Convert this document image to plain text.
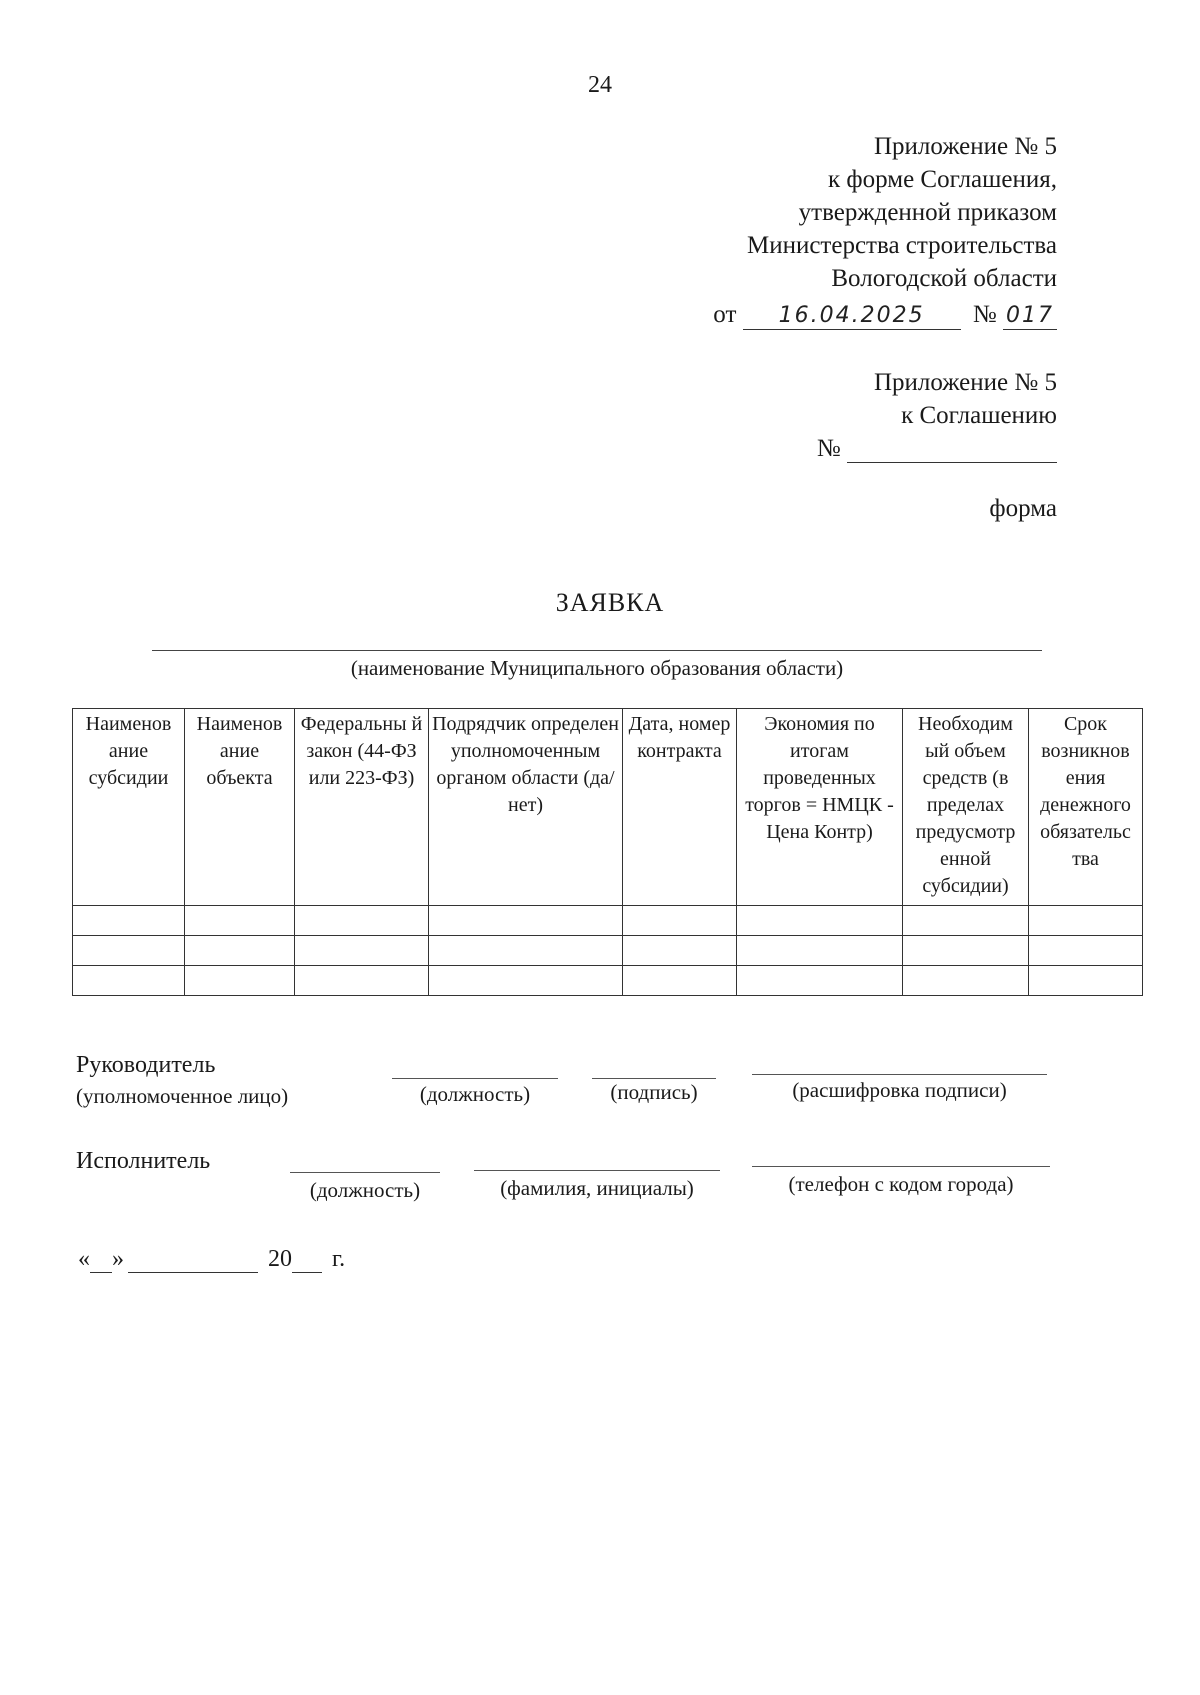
24
Приложение № 5
к форме Соглашения,
утвержденной приказом
Министерства строительства
Вологодской области
от 16.04.2025 № 017
Приложение № 5
к Соглашению
№
форма
ЗАЯВКА
(наименование Муниципального образования области)
Наименов ание субсидии	Наименов ание объекта	Федеральны й закон (44-ФЗ или 223-ФЗ)	Подрядчик определен уполномоченным органом области (да/нет)	Дата, номер контракта	Экономия по итогам проведенных торгов = НМЦК - Цена Контр)	Необходим ый объем средств (в пределах предусмотр енной субсидии)	Срок возникнов ения денежного обязательс тва

Руководитель
(уполномоченное лицо)	(должность)	(подпись)	(расшифровка подписи)
Исполнитель
(должность)	(фамилия, инициалы)	(телефон с кодом города)
« »	20 г.
